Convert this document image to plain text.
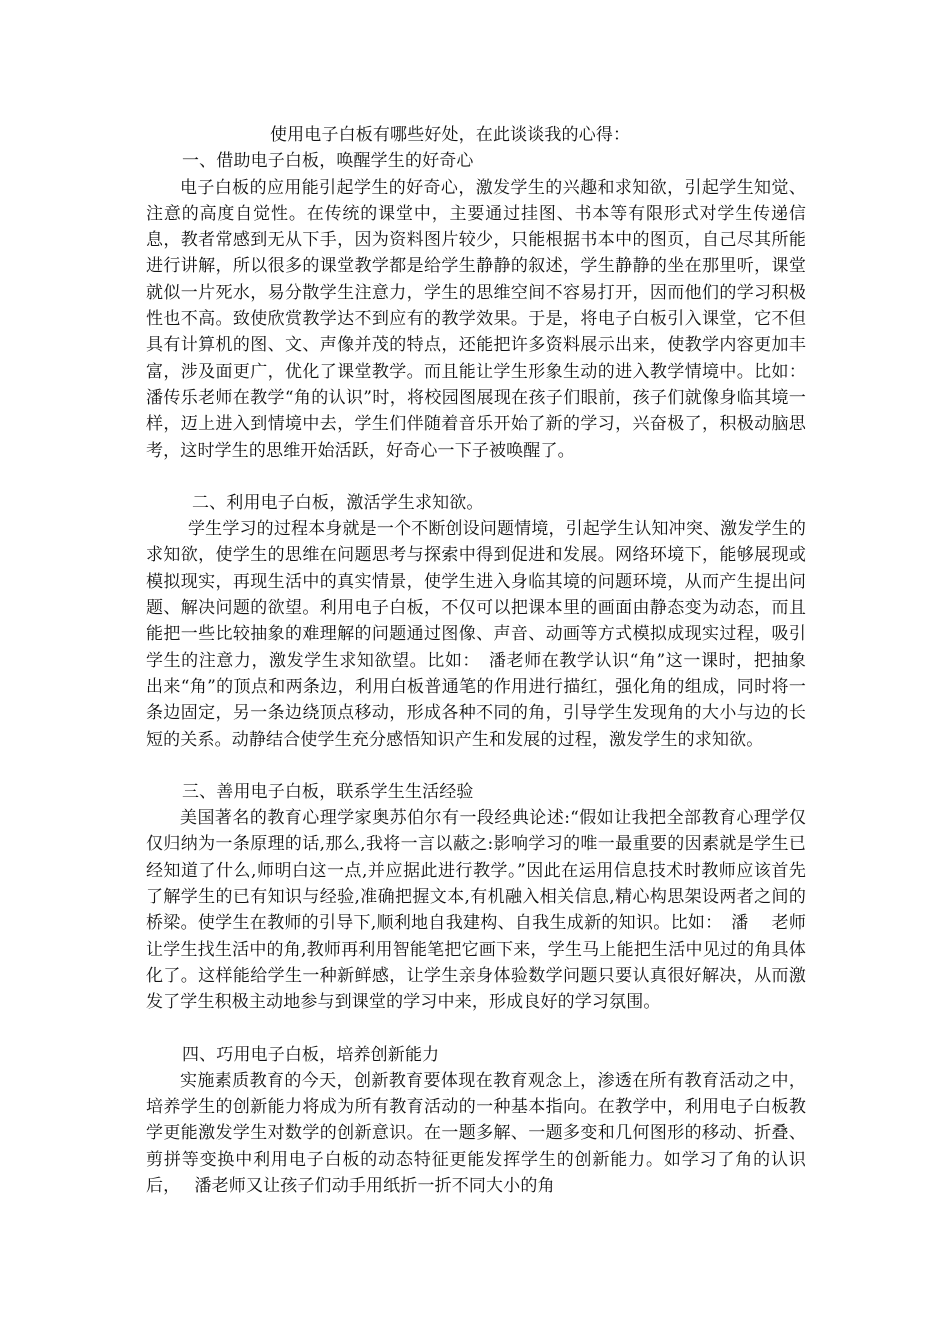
使用电子白板有哪些好处，在此谈谈我的心得：

一、借助电子白板，唤醒学生的好奇心

电子白板的应用能引起学生的好奇心，激发学生的兴趣和求知欲，引起学生知觉、注意的高度自觉性。在传统的课堂中，主要通过挂图、书本等有限形式对学生传递信息，教者常感到无从下手，因为资料图片较少，只能根据书本中的图页，自己尽其所能进行讲解，所以很多的课堂教学都是给学生静静的叙述，学生静静的坐在那里听，课堂就似一片死水，易分散学生注意力，学生的思维空间不容易打开，因而他们的学习积极性也不高。致使欣赏教学达不到应有的教学效果。于是，将电子白板引入课堂，它不但具有计算机的图、文、声像并茂的特点，还能把许多资料展示出来，使教学内容更加丰富，涉及面更广，优化了课堂教学。而且能让学生形象生动的进入教学情境中。比如：潘传乐老师在教学“角的认识”时，将校园图展现在孩子们眼前，孩子们就像身临其境一样，迈上进入到情境中去，学生们伴随着音乐开始了新的学习，兴奋极了，积极动脑思考，这时学生的思维开始活跃，好奇心一下子被唤醒了。

二、利用电子白板，激活学生求知欲。

学生学习的过程本身就是一个不断创设问题情境，引起学生认知冲突、激发学生的求知欲，使学生的思维在问题思考与探索中得到促进和发展。网络环境下，能够展现或模拟现实，再现生活中的真实情景，使学生进入身临其境的问题环境，从而产生提出问题、解决问题的欲望。利用电子白板，不仅可以把课本里的画面由静态变为动态，而且能把一些比较抽象的难理解的问题通过图像、声音、动画等方式模拟成现实过程，吸引学生的注意力，激发学生求知欲望。比如：　潘老师在教学认识“角”这一课时，把抽象出来“角”的顶点和两条边，利用白板普通笔的作用进行描红，强化角的组成，同时将一条边固定，另一条边绕顶点移动，形成各种不同的角，引导学生发现角的大小与边的长短的关系。动静结合使学生充分感悟知识产生和发展的过程，激发学生的求知欲。

三、善用电子白板，联系学生生活经验

美国著名的教育心理学家奥苏伯尔有一段经典论述:“假如让我把全部教育心理学仅仅归纳为一条原理的话,那么,我将一言以蔽之:影响学习的唯一最重要的因素就是学生已经知道了什么,师明白这一点,并应据此进行教学。”因此在运用信息技术时教师应该首先了解学生的已有知识与经验,准确把握文本,有机融入相关信息,精心构思架设两者之间的桥梁。使学生在教师的引导下,顺利地自我建构、自我生成新的知识。比如：　潘　 老师让学生找生活中的角,教师再利用智能笔把它画下来，学生马上能把生活中见过的角具体化了。这样能给学生一种新鲜感，让学生亲身体验数学问题只要认真很好解决，从而激发了学生积极主动地参与到课堂的学习中来，形成良好的学习氛围。

四、巧用电子白板，培养创新能力

实施素质教育的今天，创新教育要体现在教育观念上，渗透在所有教育活动之中，培养学生的创新能力将成为所有教育活动的一种基本指向。在教学中，利用电子白板教学更能激发学生对数学的创新意识。在一题多解、一题多变和几何图形的移动、折叠、剪拼等变换中利用电子白板的动态特征更能发挥学生的创新能力。如学习了角的认识后，　 潘老师又让孩子们动手用纸折一折不同大小的角
